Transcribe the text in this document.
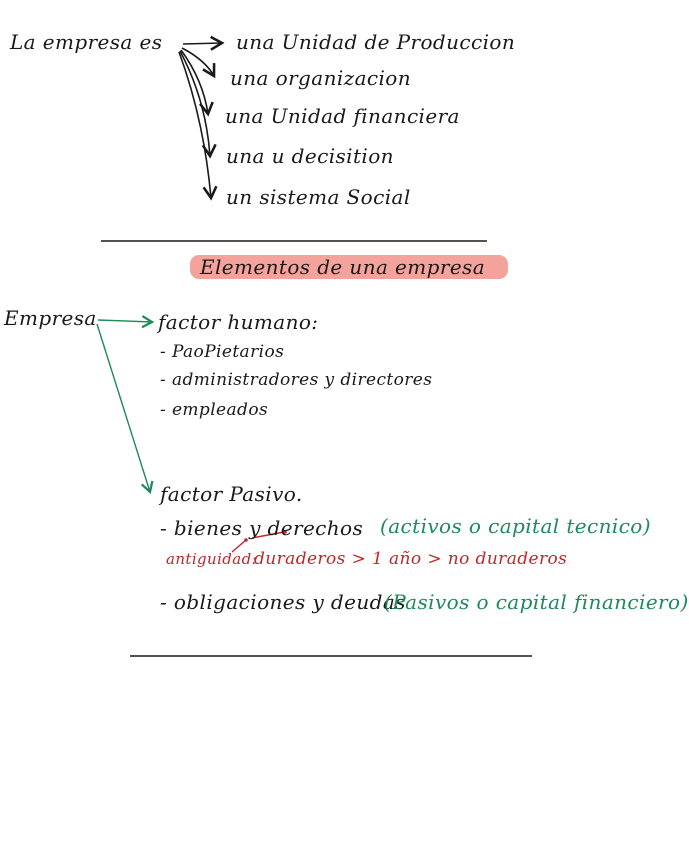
La empresa es	una Unidad de Produccion
una organizacion
una Unidad financiera
una u decisition
un sistema Social
Elementos de una empresa
Empresa	factor humano:
- PaoPietarios
- administradores y directores
- empleados
factor Pasivo.
- bienes y derechos (activos o capital tecnico)
antiguidad:
duraderos > 1 año > no duraderos
- obligaciones y deudas
(Pasivos o capital financiero)
